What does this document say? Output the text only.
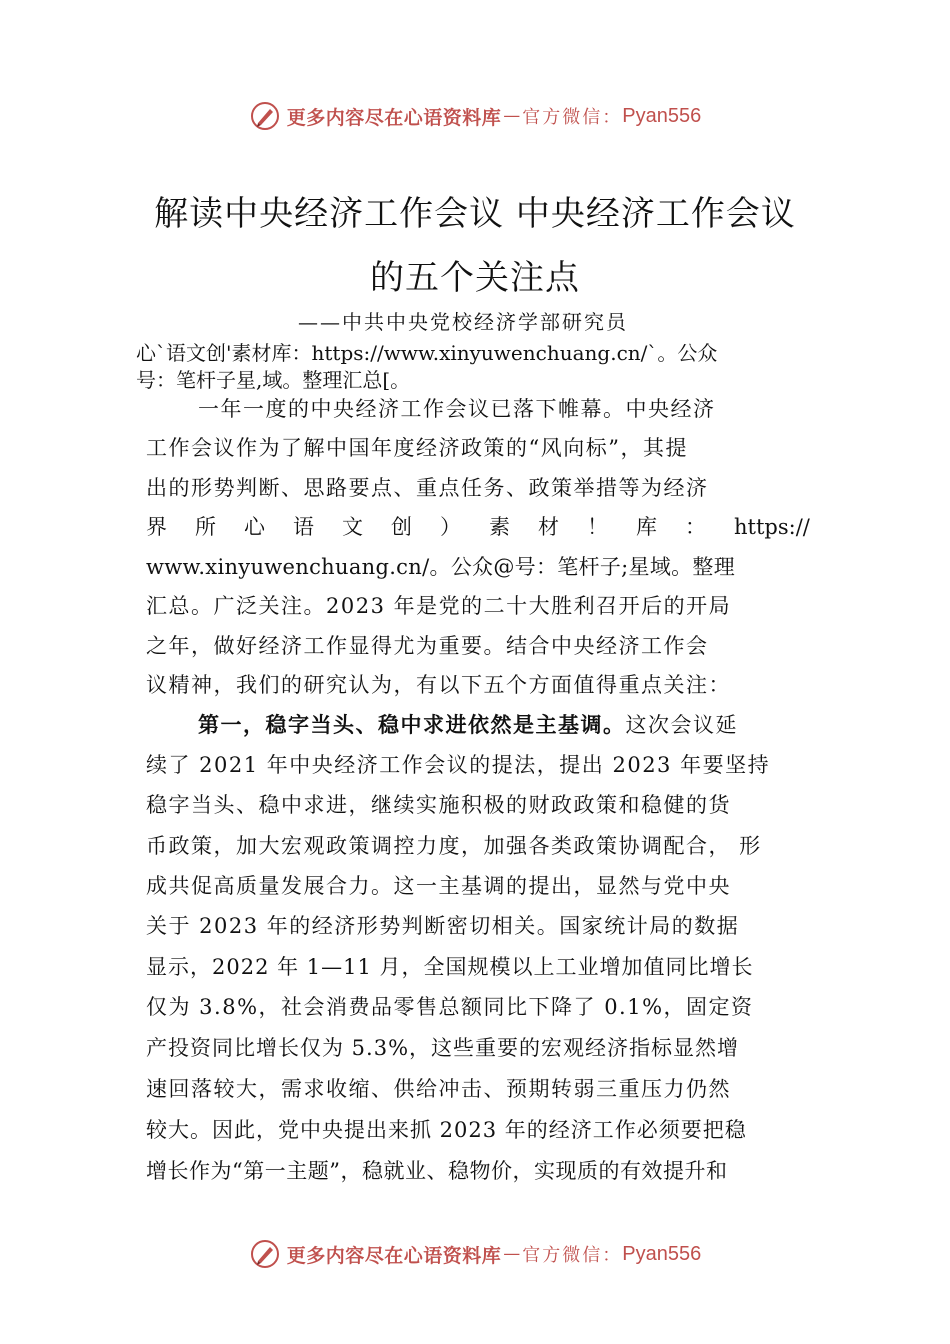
更多内容尽在心语资料库 — 官方微信： Pyan556
解读中央经济工作会议 中央经济工作会议
的五个关注点
——中共中央党校经济学部研究员
心`语文创'素材库：https://www.xinyuwenchuang.cn/`。公众
号：笔杆子星,域。整理汇总[。
一年一度的中央经济工作会议已落下帷幕。中央经济
工作会议作为了解中国年度经济政策的“风向标”，其提
出的形势判断、思路要点、重点任务、政策举措等为经济
界 所 心 语 文 创 ） 素 材 ！ 库 ： https://
www.xinyuwenchuang.cn/。公众@号：笔杆子;星域。整理
汇总。广泛关注。2023 年是党的二十大胜利召开后的开局
之年，做好经济工作显得尤为重要。结合中央经济工作会
议精神，我们的研究认为，有以下五个方面值得重点关注：
第一，稳字当头、稳中求进依然是主基调。这次会议延
续了 2021 年中央经济工作会议的提法，提出 2023 年要坚持
稳字当头、稳中求进，继续实施积极的财政政策和稳健的货
币政策，加大宏观政策调控力度，加强各类政策协调配合， 形
成共促高质量发展合力。这一主基调的提出，显然与党中央
关于 2023 年的经济形势判断密切相关。国家统计局的数据
显示，2022 年 1—11 月，全国规模以上工业增加值同比增长
仅为 3.8%，社会消费品零售总额同比下降了 0.1%，固定资
产投资同比增长仅为 5.3%，这些重要的宏观经济指标显然增
速回落较大，需求收缩、供给冲击、预期转弱三重压力仍然
较大。因此，党中央提出来抓 2023 年的经济工作必须要把稳
增长作为“第一主题”，稳就业、稳物价，实现质的有效提升和
更多内容尽在心语资料库 — 官方微信： Pyan556
